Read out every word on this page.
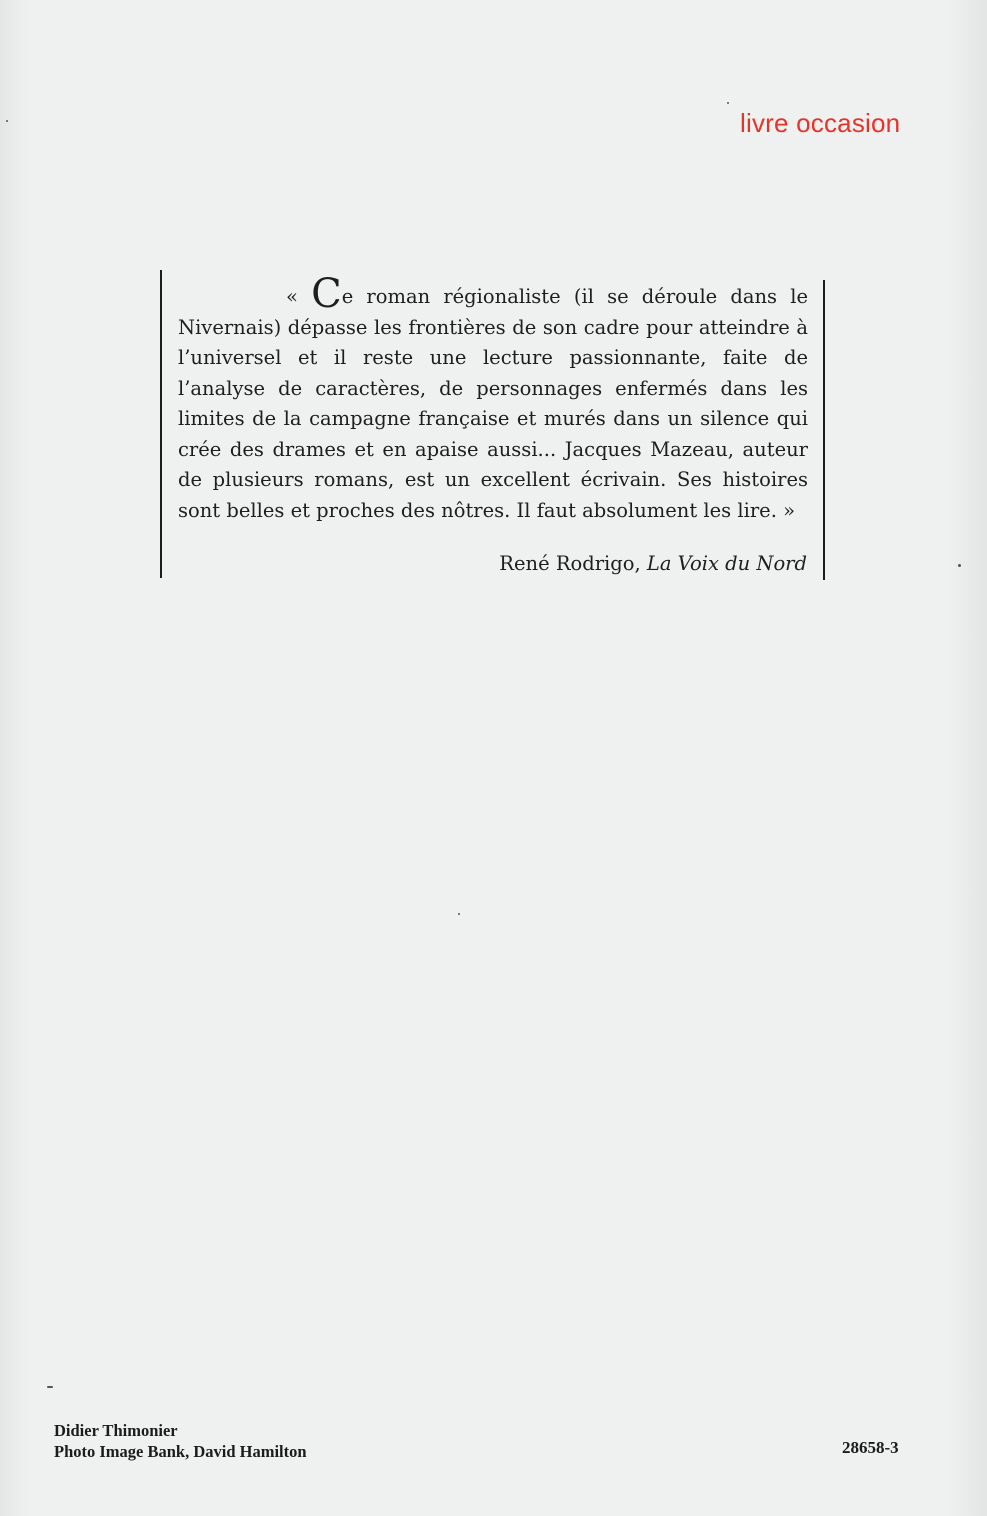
livre occasion

« Ce roman régionaliste (il se déroule dans le Nivernais) dépasse les frontières de son cadre pour atteindre à l’universel et il reste une lecture passionnante, faite de l’analyse de caractères, de personnages enfermés dans les limites de la campagne française et murés dans un silence qui crée des drames et en apaise aussi... Jacques Mazeau, auteur de plusieurs romans, est un excellent écrivain. Ses histoires sont belles et proches des nôtres. Il faut absolument les lire. »

René Rodrigo, La Voix du Nord
Didier Thimonier
Photo Image Bank, David Hamilton	28658-3
